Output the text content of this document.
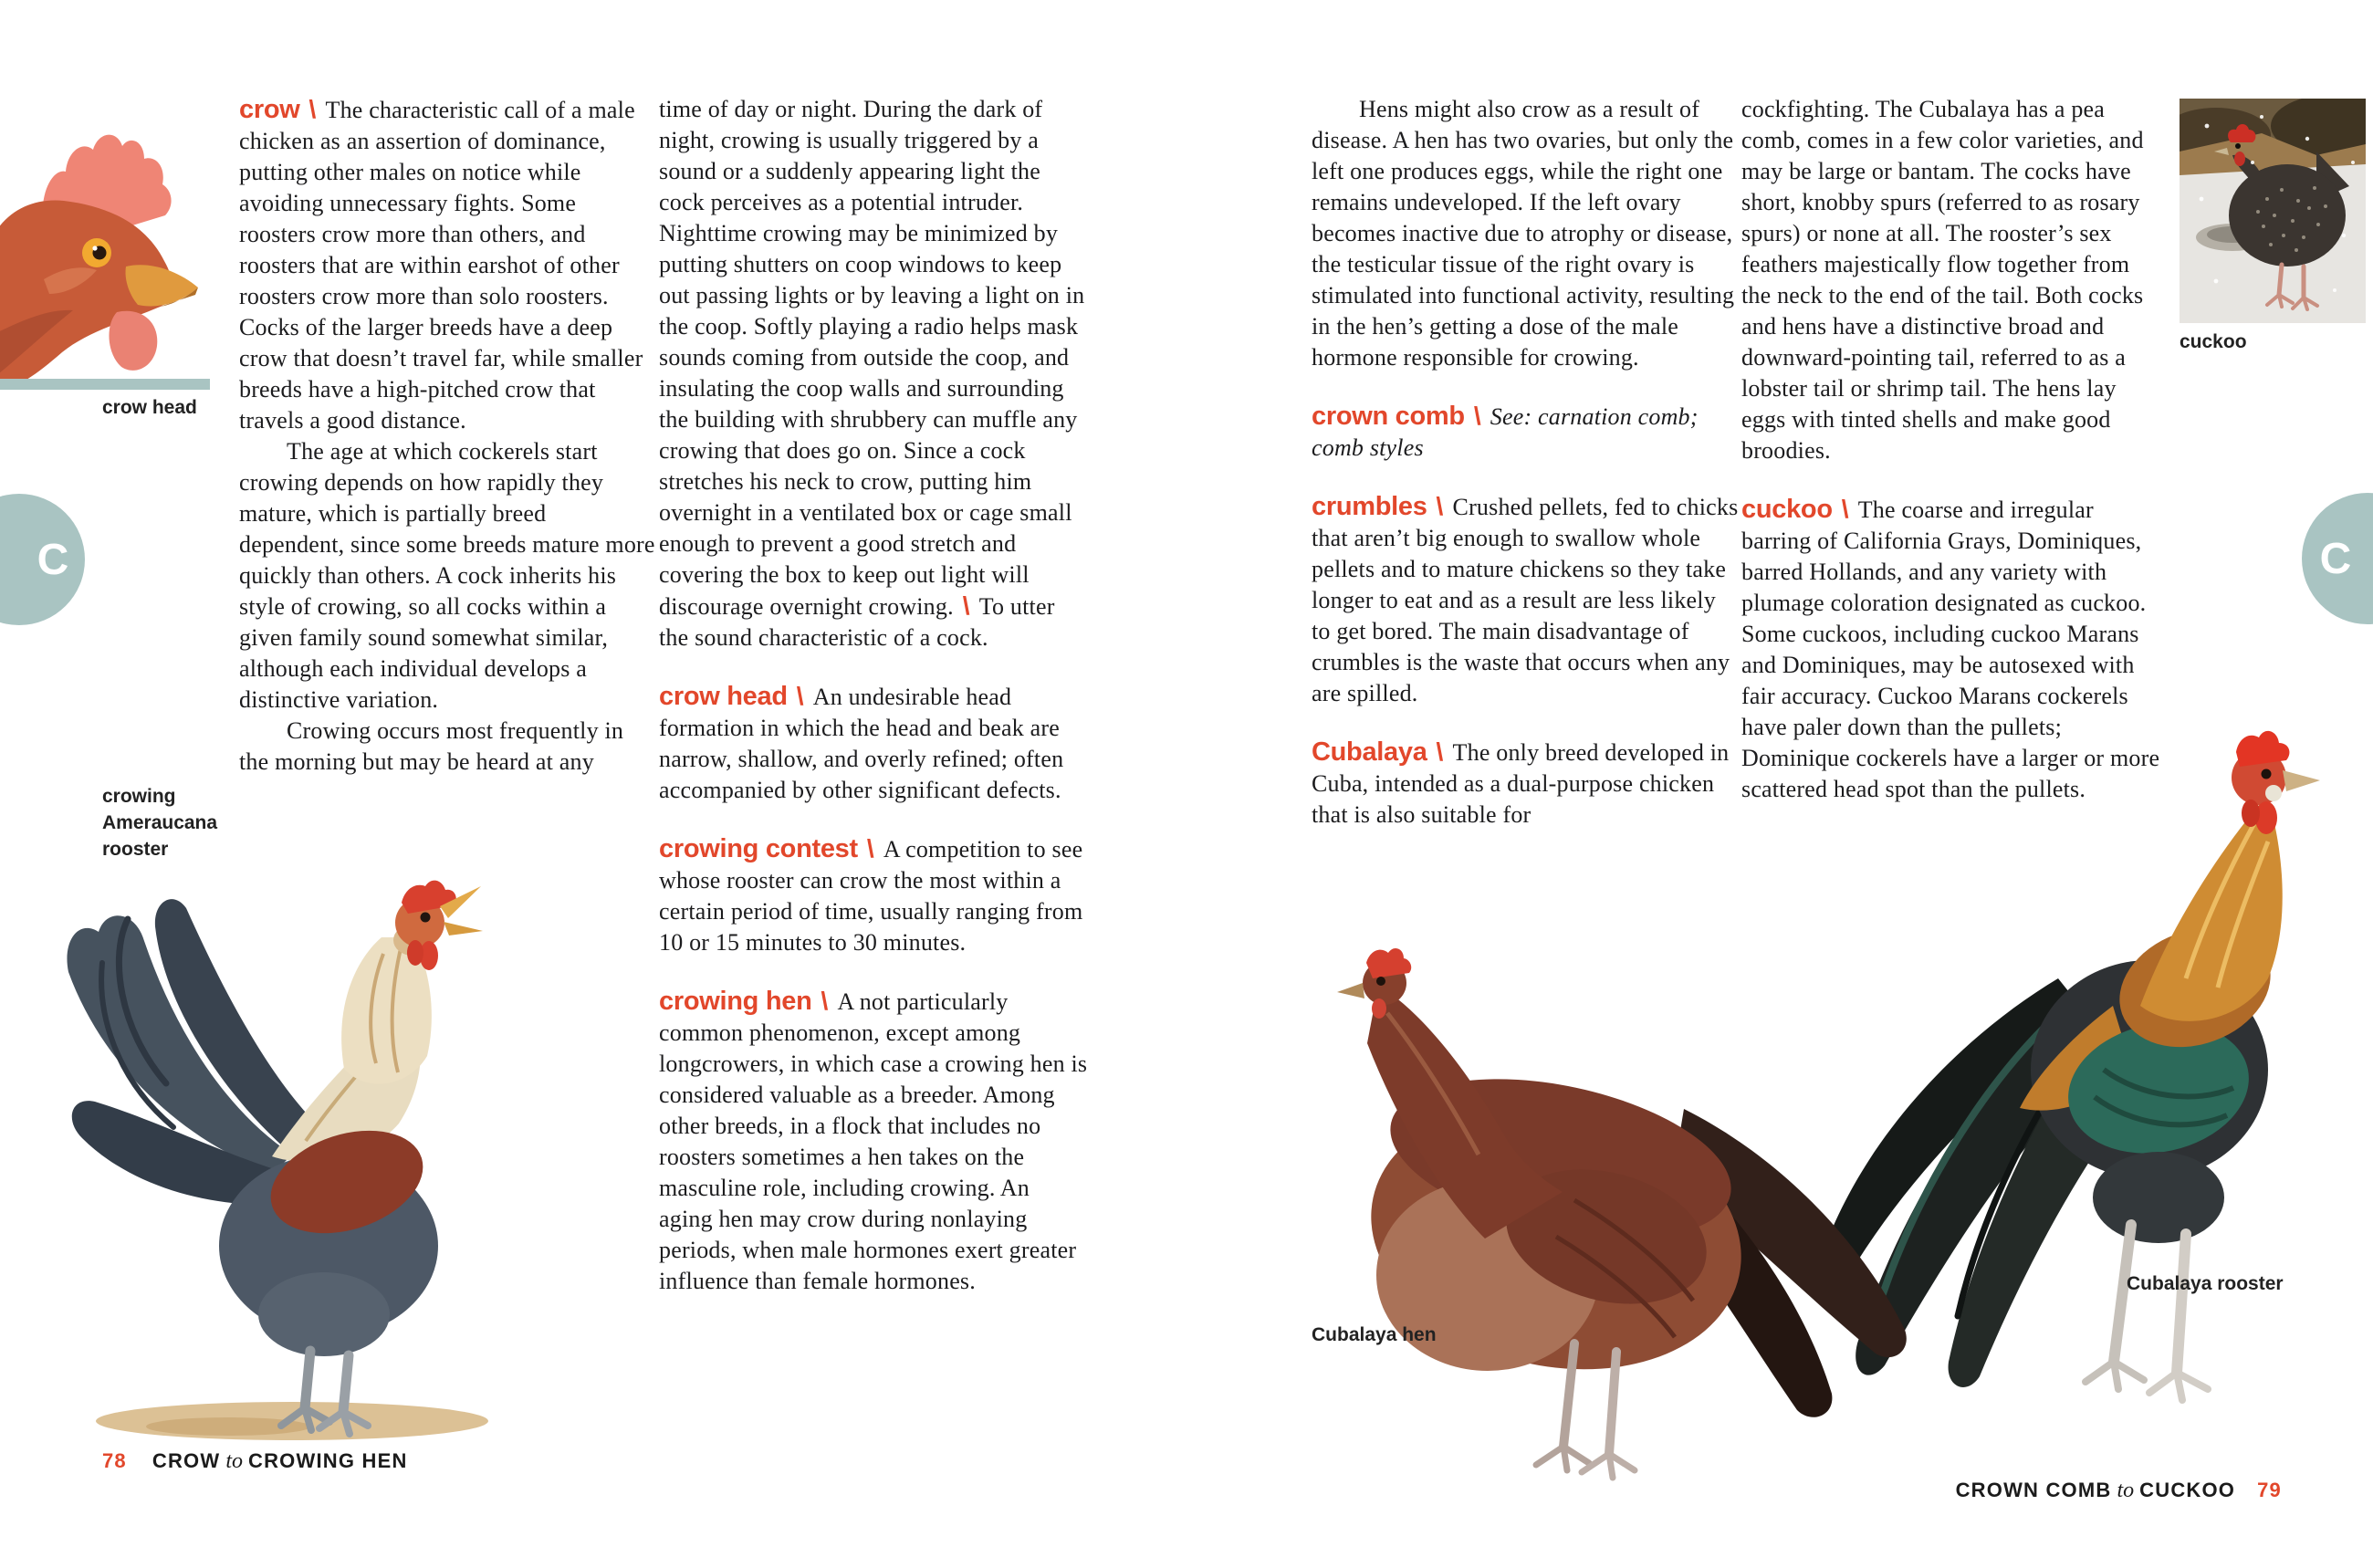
crow head
C
crowing Ameraucana rooster
78 CROW to CROWING HEN

crow \ The characteristic call of a male chicken as an assertion of dominance, putting other males on notice while avoiding unnecessary fights. Some roosters crow more than others, and roosters that are within earshot of other roosters crow more than solo roosters. Cocks of the larger breeds have a deep crow that doesn’t travel far, while smaller breeds have a high-pitched crow that travels a good distance.

The age at which cockerels start crowing depends on how rapidly they mature, which is partially breed dependent, since some breeds mature more quickly than others. A cock inherits his style of crowing, so all cocks within a given family sound somewhat similar, although each individual develops a distinctive variation.

Crowing occurs most frequently in the morning but may be heard at any

time of day or night. During the dark of night, crowing is usually triggered by a sound or a suddenly appearing light the cock perceives as a potential intruder. Nighttime crowing may be minimized by putting shutters on coop windows to keep out passing lights or by leaving a light on in the coop. Softly playing a radio helps mask sounds coming from outside the coop, and insulating the coop walls and surrounding the building with shrubbery can muffle any crowing that does go on. Since a cock stretches his neck to crow, putting him overnight in a ventilated box or cage small enough to prevent a good stretch and covering the box to keep out light will discourage overnight crowing. \ To utter the sound characteristic of a cock.

crow head \ An undesirable head formation in which the head and beak are narrow, shallow, and overly refined; often accompanied by other significant defects.

crowing contest \ A competition to see whose rooster can crow the most within a certain period of time, usually ranging from 10 or 15 minutes to 30 minutes.

crowing hen \ A not particularly common phenomenon, except among longcrowers, in which case a crowing hen is considered valuable as a breeder. Among other breeds, in a flock that includes no roosters sometimes a hen takes on the masculine role, including crowing. An aging hen may crow during nonlaying periods, when male hormones exert greater influence than female hormones.

Hens might also crow as a result of disease. A hen has two ovaries, but only the left one produces eggs, while the right one remains undeveloped. If the left ovary becomes inactive due to atrophy or disease, the testicular tissue of the right ovary is stimulated into functional activity, resulting in the hen’s getting a dose of the male hormone responsible for crowing.

crown comb \ See: carnation comb; comb styles

crumbles \ Crushed pellets, fed to chicks that aren’t big enough to swallow whole pellets and to mature chickens so they take longer to eat and as a result are less likely to get bored. The main disadvantage of crumbles is the waste that occurs when any are spilled.

Cubalaya \ The only breed developed in Cuba, intended as a dual-purpose chicken that is also suitable for

cockfighting. The Cubalaya has a pea comb, comes in a few color varieties, and may be large or bantam. The cocks have short, knobby spurs (referred to as rosary spurs) or none at all. The rooster’s sex feathers majestically flow together from the neck to the end of the tail. Both cocks and hens have a distinctive broad and downward-pointing tail, referred to as a lobster tail or shrimp tail. The hens lay eggs with tinted shells and make good broodies.

cuckoo \ The coarse and irregular barring of California Grays, Dominiques, barred Hollands, and any variety with plumage coloration designated as cuckoo. Some cuckoos, including cuckoo Marans and Dominiques, may be autosexed with fair accuracy. Cuckoo Marans cockerels have paler down than the pullets; Dominique cockerels have a larger or more scattered head spot than the pullets.

cuckoo
C
Cubalaya hen
Cubalaya rooster
CROWN COMB to CUCKOO 79
